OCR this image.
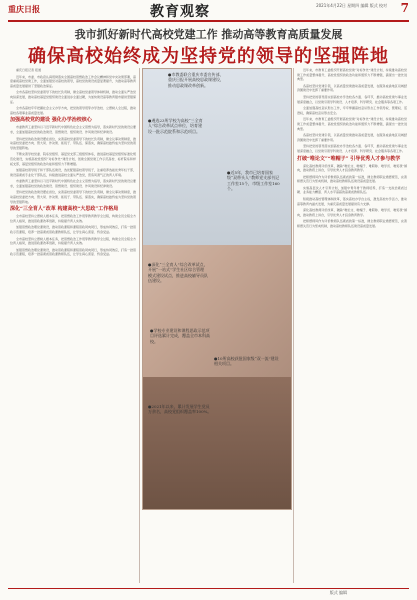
重庆日报	教育观察	2021年4月22日 星期四 编辑 版式 校对 7
我市抓好新时代高校党建工作 推动高等教育高质量发展
确保高校始终成为坚持党的领导的坚强阵地

重庆日报记者 报道

近年来，市委、市政府认真贯彻落实全国高校思想政治工作会议精神和党中央决策部署，高度重视高校党建工作，全面加强党对高校的领导，高校党的建设质量显著提升，为推动高等教育高质量发展提供了坚强政治保证。

全市各高校坚持党委领导下的校长负责制，健全高校党委领导体制机制，推动全面从严治党向纵深发展，推动高校基层党组织建设全面进步全面过硬，为加快建设高等教育强市提供坚强保证。

全市各高校牢牢把握社会主义办学方向，把党的领导贯穿办学治校、立德树人全过程，推动高校各项事业高质量发展。

加强高校党的建设 强化办学治校核心

市委教育工委坚持以习近平新时代中国特色社会主义思想为指导，落实新时代党的建设总要求，全面加强高校党的政治建设、思想建设、组织建设、作风建设和纪律建设。

坚持把党的政治建设摆在首位，完善高校党委领导下的校长负责制，健全议事决策制度，推动高校党委把方向、管大局、作决策、抓班子、带队伍、保落实，确保高校始终成为坚持党的领导的坚强阵地。

不断完善学校党委、院系党组织、基层党支部三级组织体系，推进高校基层党组织标准化规范化建设，实施高校党组织“对标争先”建设计划，创建全国党建工作示范高校、标杆院系和样板支部，基层党组织的政治功能和组织力不断增强。

加强高校领导班子和干部队伍建设，选优配强高校领导班子，注重培养选拔优秀年轻干部，建设高素质专业化干部队伍，持续推进高校全面从严治党，营造风清气正的育人环境。

市委教育工委坚持以习近平新时代中国特色社会主义思想为指导，落实新时代党的建设总要求，全面加强高校党的政治建设、思想建设、组织建设、作风建设和纪律建设。

坚持把党的政治建设摆在首位，完善高校党委领导下的校长负责制，健全议事决策制度，推动高校党委把方向、管大局、作决策、抓班子、带队伍、保落实，确保高校始终成为坚持党的领导的坚强阵地。

深化“三全育人”改革 构建高校“大思政”工作格局

全市高校坚持立德树人根本任务，把思想政治工作贯穿教育教学全过程，构建全员全程全方位育人格局，推进思政课改革创新，持续提升育人实效。

加强思想政治理论课建设，推动思政课程和课程思政同向同行，形成协同效应，打造一批思政示范课程，培养一批高素质思政课教师队伍，让学生真心喜爱、终身受益。

全市高校坚持立德树人根本任务，把思想政治工作贯穿教育教学全过程，构建全员全程全方位育人格局，推进思政课改革创新，持续提升育人实效。

加强思想政治理论课建设，推动思政课程和课程思政同向同行，形成协同效应，打造一批思政示范课程，培养一批高素质思政课教师队伍，让学生真心喜爱、终身受益。

●市教委联合重庆市委宣传部、重庆日报开展高校思政课建设，推动思政课改革创新。
●遴选23所学校为高校“三全育人”综合改革试点单位，培育建设一批示范院系和示范项目。
●近5年，我市已培育国家级“双带头人”教师党支部书记工作室15个，市级工作室160个。
●深化“三全育人”综合改革试点，开展“一站式”学生社区综合管理模式建设试点，推进高校辅导员队伍建设。
●学校专业建设和课程思政示范项目评选累计完成，覆盖全市本科高校。
●10所高校获批国家级“双一流”建设相关项目。
●2021年以来，累计发展学生党员万余名，高校党组织覆盖率100%。

近年来，市教育工委组织开展高校党建“对标争先”建设计划，持续推动高校党建工作质量整体提升，高校党组织的政治功能和组织力不断增强，涌现出一批先进典型。

各高校坚持党建引领，以高质量党建推动高质量发展，在服务成渝地区双城经济圈建设中发挥了重要作用。

坚持把党的领导落实到高校办学治校各方面、各环节，推动高校党建与事业发展深度融合，以党建引领学科建设、人才培养、科学研究、社会服务等各项工作。

全面加强高校意识形态工作，牢牢掌握高校意识形态工作领导权、管理权、话语权，确保高校意识形态安全。

近年来，市教育工委组织开展高校党建“对标争先”建设计划，持续推动高校党建工作质量整体提升，高校党组织的政治功能和组织力不断增强，涌现出一批先进典型。

各高校坚持党建引领，以高质量党建推动高质量发展，在服务成渝地区双城经济圈建设中发挥了重要作用。

坚持把党的领导落实到高校办学治校各方面、各环节，推动高校党建与事业发展深度融合，以党建引领学科建设、人才培养、科学研究、社会服务等各项工作。

打破“唯论文”“唯帽子” 引导优秀人才参与教学

深化高校教师评价改革，破除“唯论文、唯帽子、唯职称、唯学历、唯奖项”倾向，推动教授上讲台，引导优秀人才投身教育教学。

把师德师风作为评价教师队伍素质的第一标准，健全教师职业道德规范，完善师德失范行为惩戒机制，推动高校教师队伍建设高质量发展。

实施高层次人才引育计划，加强中青年骨干教师培养，打造一支政治素质过硬、业务能力精湛、育人水平高超的高素质教师队伍。

积极推动高校管理体制改革，落实高校办学自主权，激发高校办学活力，推动高等教育内涵式发展，为重庆高质量发展提供有力支撑。

深化高校教师评价改革，破除“唯论文、唯帽子、唯职称、唯学历、唯奖项”倾向，推动教授上讲台，引导优秀人才投身教育教学。

把师德师风作为评价教师队伍素质的第一标准，健全教师职业道德规范，完善师德失范行为惩戒机制，推动高校教师队伍建设高质量发展。

版式 编辑
